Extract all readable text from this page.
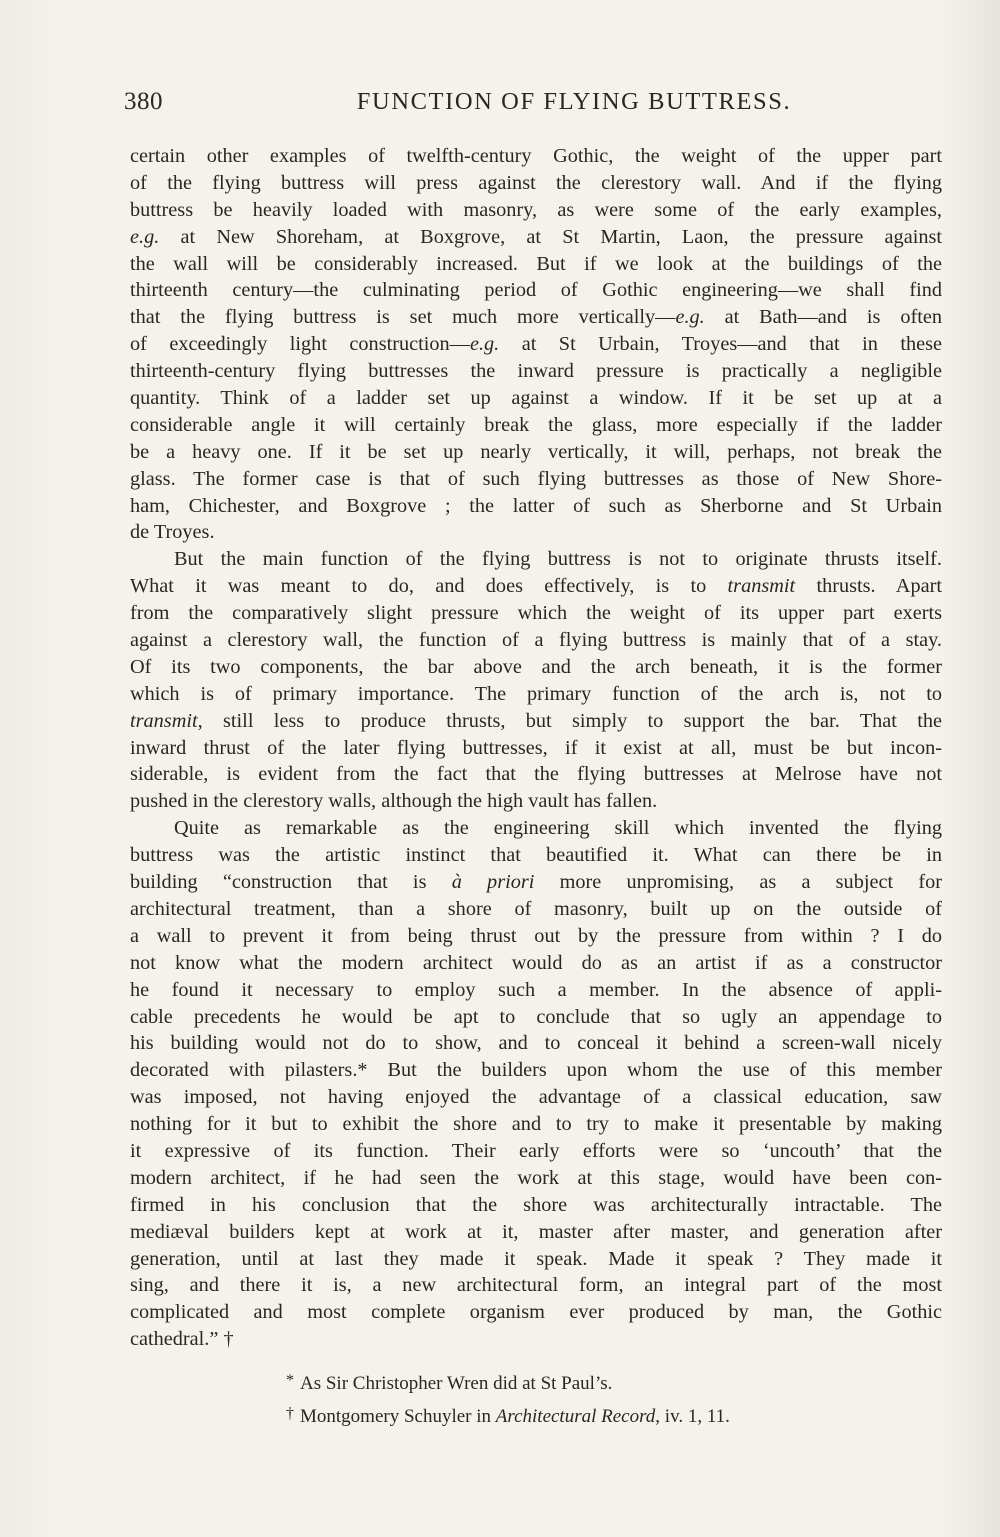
380	FUNCTION OF FLYING BUTTRESS.
certain other examples of twelfth-century Gothic, the weight of the upper part
of the flying buttress will press against the clerestory wall. And if the flying
buttress be heavily loaded with masonry, as were some of the early examples,
e.g. at New Shoreham, at Boxgrove, at St Martin, Laon, the pressure against
the wall will be considerably increased. But if we look at the buildings of the
thirteenth century—the culminating period of Gothic engineering—we shall find
that the flying buttress is set much more vertically—e.g. at Bath—and is often
of exceedingly light construction—e.g. at St Urbain, Troyes—and that in these
thirteenth-century flying buttresses the inward pressure is practically a negligible
quantity. Think of a ladder set up against a window. If it be set up at a
considerable angle it will certainly break the glass, more especially if the ladder
be a heavy one. If it be set up nearly vertically, it will, perhaps, not break the
glass. The former case is that of such flying buttresses as those of New Shore-
ham, Chichester, and Boxgrove ; the latter of such as Sherborne and St Urbain
de Troyes.
But the main function of the flying buttress is not to originate thrusts itself.
What it was meant to do, and does effectively, is to transmit thrusts. Apart
from the comparatively slight pressure which the weight of its upper part exerts
against a clerestory wall, the function of a flying buttress is mainly that of a stay.
Of its two components, the bar above and the arch beneath, it is the former
which is of primary importance. The primary function of the arch is, not to
transmit, still less to produce thrusts, but simply to support the bar. That the
inward thrust of the later flying buttresses, if it exist at all, must be but incon-
siderable, is evident from the fact that the flying buttresses at Melrose have not
pushed in the clerestory walls, although the high vault has fallen.
Quite as remarkable as the engineering skill which invented the flying
buttress was the artistic instinct that beautified it. What can there be in
building “construction that is à priori more unpromising, as a subject for
architectural treatment, than a shore of masonry, built up on the outside of
a wall to prevent it from being thrust out by the pressure from within ? I do
not know what the modern architect would do as an artist if as a constructor
he found it necessary to employ such a member. In the absence of appli-
cable precedents he would be apt to conclude that so ugly an appendage to
his building would not do to show, and to conceal it behind a screen-wall nicely
decorated with pilasters.* But the builders upon whom the use of this member
was imposed, not having enjoyed the advantage of a classical education, saw
nothing for it but to exhibit the shore and to try to make it presentable by making
it expressive of its function. Their early efforts were so ‘uncouth’ that the
modern architect, if he had seen the work at this stage, would have been con-
firmed in his conclusion that the shore was architecturally intractable. The
mediæval builders kept at work at it, master after master, and generation after
generation, until at last they made it speak. Made it speak ? They made it
sing, and there it is, a new architectural form, an integral part of the most
complicated and most complete organism ever produced by man, the Gothic
cathedral.” †
* As Sir Christopher Wren did at St Paul’s.
† Montgomery Schuyler in Architectural Record, iv. 1, 11.
